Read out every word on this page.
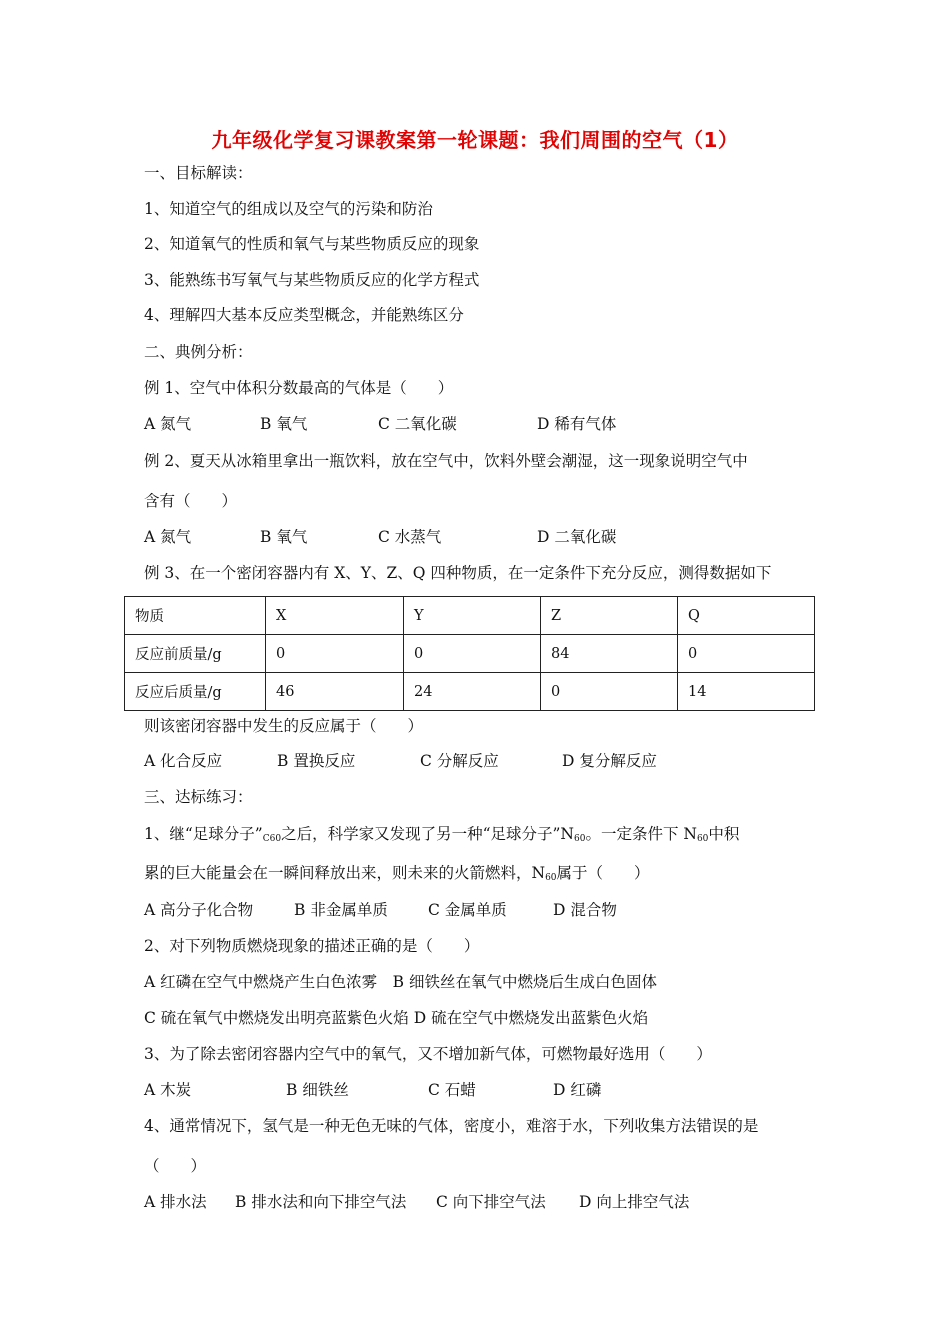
九年级化学复习课教案第一轮课题：我们周围的空气（1）
一、目标解读：
1、知道空气的组成以及空气的污染和防治
2、知道氧气的性质和氧气与某些物质反应的现象
3、能熟练书写氧气与某些物质反应的化学方程式
4、理解四大基本反应类型概念，并能熟练区分
二、典例分析：
例 1、空气中体积分数最高的气体是（　　）
A 氮气	B 氧气	C 二氧化碳	D 稀有气体
例 2、夏天从冰箱里拿出一瓶饮料，放在空气中，饮料外壁会潮湿，这一现象说明空气中
含有（　　）
A 氮气	B 氧气	C 水蒸气	D 二氧化碳
例 3、在一个密闭容器内有 X、Y、Z、Q 四种物质，在一定条件下充分反应，测得数据如下
物质	X	Y	Z	Q
反应前质量/g	0	0	84	0
反应后质量/g	46	24	0	14
则该密闭容器中发生的反应属于（　　）
A 化合反应	B 置换反应	C 分解反应	D 复分解反应
三、达标练习：
1、继“足球分子$”_{C60}$之后，科学家又发现了另一种“足球分子$”N_{60}$。一定条件下 $N_{60}$中积
累的巨大能量会在一瞬间释放出来，则未来的火箭燃料，$N_{60}$属于（　　）
A 高分子化合物	B 非金属单质	C 金属单质	D 混合物
2、对下列物质燃烧现象的描述正确的是（　　）
A 红磷在空气中燃烧产生白色浓雾　B 细铁丝在氧气中燃烧后生成白色固体
C 硫在氧气中燃烧发出明亮蓝紫色火焰 D 硫在空气中燃烧发出蓝紫色火焰
3、为了除去密闭容器内空气中的氧气，又不增加新气体，可燃物最好选用（　　）
A 木炭	B 细铁丝	C 石蜡	D 红磷
4、通常情况下，氢气是一种无色无味的气体，密度小，难溶于水，下列收集方法错误的是
（　　）
A 排水法 B 排水法和向下排空气法 C 向下排空气法 D 向上排空气法
